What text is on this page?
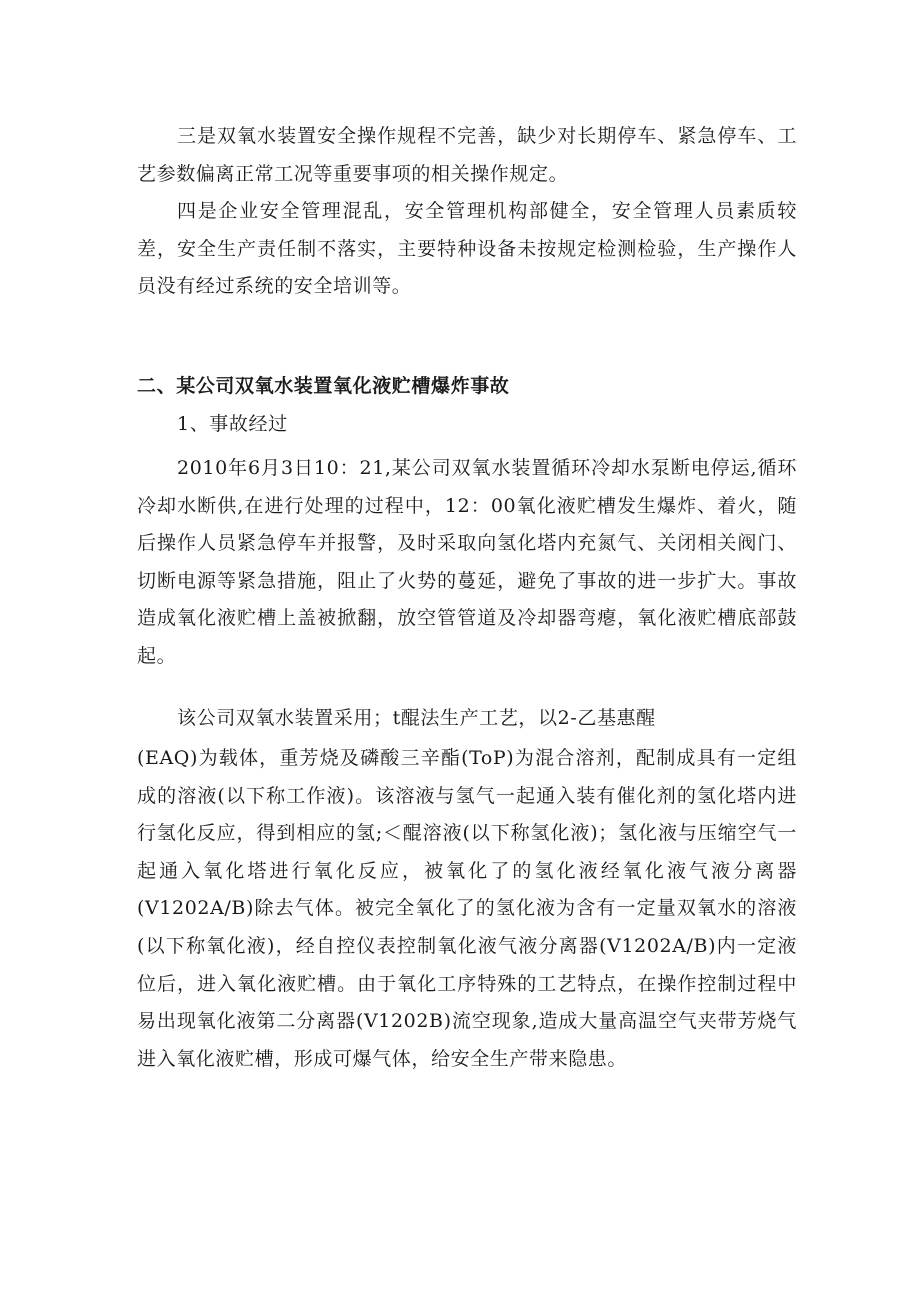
三是双氧水装置安全操作规程不完善，缺少对长期停车、紧急停车、工艺参数偏离正常工况等重要事项的相关操作规定。

四是企业安全管理混乱，安全管理机构部健全，安全管理人员素质较差，安全生产责任制不落实，主要特种设备未按规定检测检验，生产操作人员没有经过系统的安全培训等。

二、某公司双氧水装置氧化液贮槽爆炸事故

1、事故经过

2010年6月3日10：21,某公司双氧水装置循环冷却水泵断电停运,循环冷却水断供,在进行处理的过程中，12：00氧化液贮槽发生爆炸、着火，随后操作人员紧急停车并报警，及时采取向氢化塔内充氮气、关闭相关阀门、切断电源等紧急措施，阻止了火势的蔓延，避免了事故的进一步扩大。事故造成氧化液贮槽上盖被掀翻，放空管管道及冷却器弯瘪，氧化液贮槽底部鼓起。

该公司双氧水装置采用；t醌法生产工艺，以2-乙基惠醒

(EAQ)为载体，重芳烧及磷酸三辛酯(ToP)为混合溶剂，配制成具有一定组成的溶液(以下称工作液)。该溶液与氢气一起通入装有催化剂的氢化塔内进行氢化反应，得到相应的氢;＜醌溶液(以下称氢化液)；氢化液与压缩空气一起通入氧化塔进行氧化反应，被氧化了的氢化液经氧化液气液分离器(V1202A/B)除去气体。被完全氧化了的氢化液为含有一定量双氧水的溶液(以下称氧化液)，经自控仪表控制氧化液气液分离器(V1202A/B)内一定液位后，进入氧化液贮槽。由于氧化工序特殊的工艺特点，在操作控制过程中易出现氧化液第二分离器(V1202B)流空现象,造成大量高温空气夹带芳烧气进入氧化液贮槽，形成可爆气体，给安全生产带来隐患。
